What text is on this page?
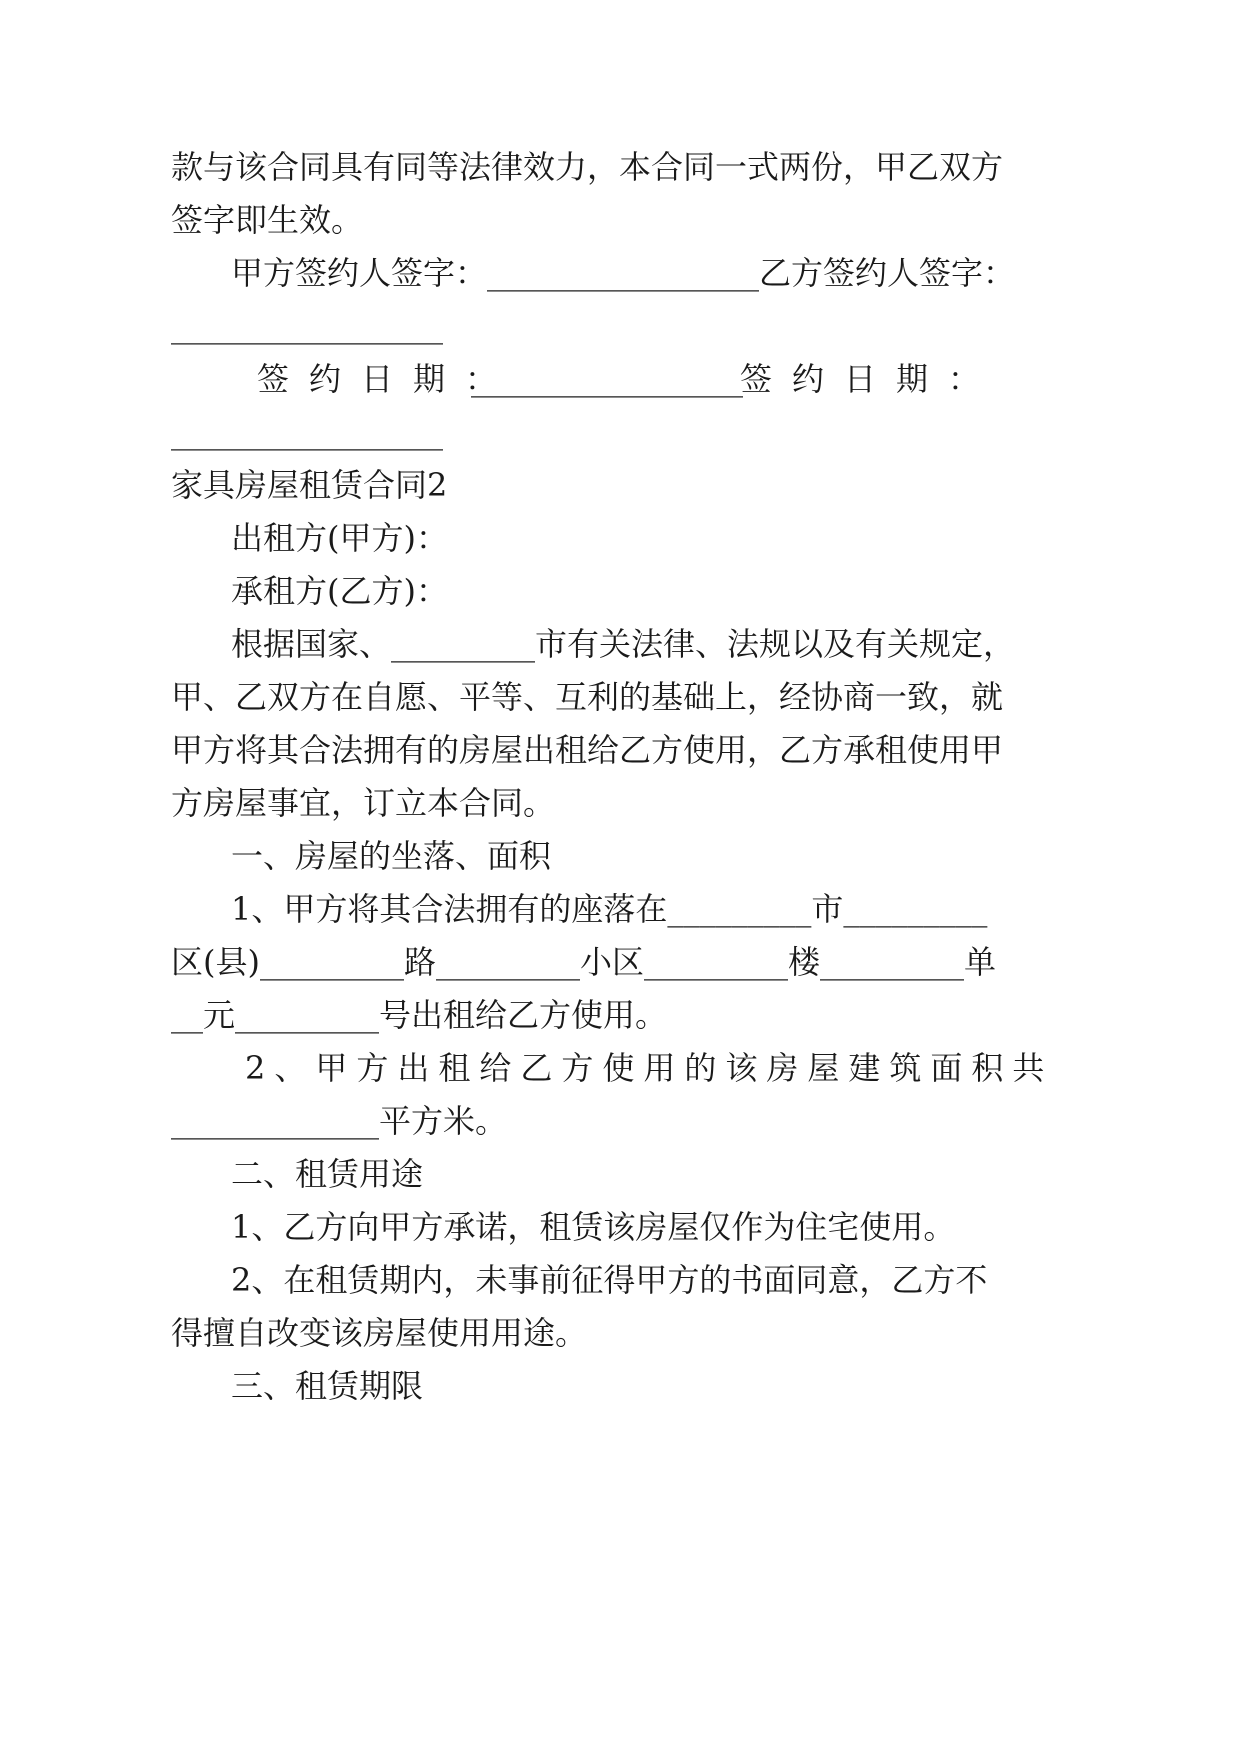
款与该合同具有同等法律效力，本合同一式两份，甲乙双方
签字即生效。
甲方签约人签字：_________________乙方签约人签字：
_________________
签约日期：
_________________
签约日期：
_________________
家具房屋租赁合同2
出租方(甲方)：
承租方(乙方)：
根据国家、_________市有关法律、法规以及有关规定，
甲、乙双方在自愿、平等、互利的基础上，经协商一致，就
甲方将其合法拥有的房屋出租给乙方使用，乙方承租使用甲
方房屋事宜，订立本合同。
一、房屋的坐落、面积
1、甲方将其合法拥有的座落在_________市_________
区(县)_________路_________小区_________楼_________单
__元_________号出租给乙方使用。
2、甲方出租给乙方使用的该房屋建筑面积共
_____________平方米。
二、租赁用途
1、乙方向甲方承诺，租赁该房屋仅作为住宅使用。
2、在租赁期内，未事前征得甲方的书面同意，乙方不
得擅自改变该房屋使用用途。
三、租赁期限
